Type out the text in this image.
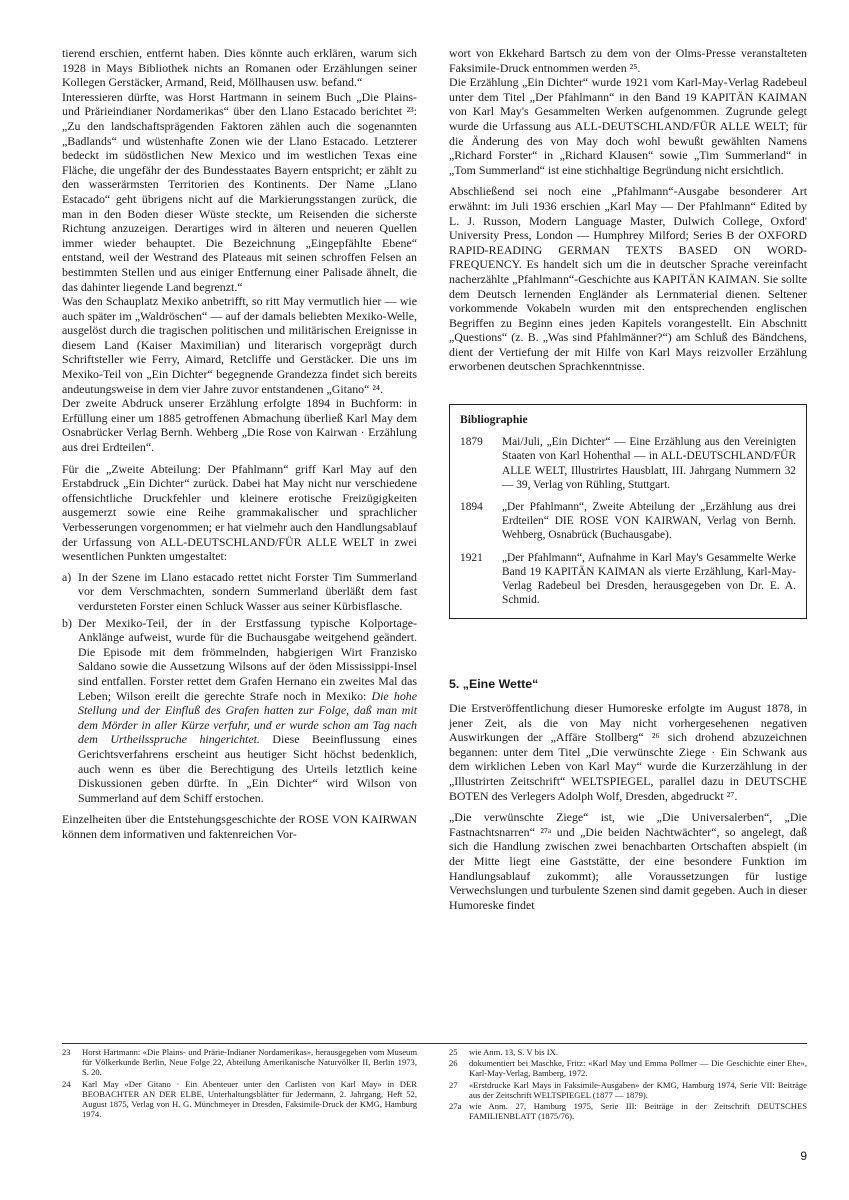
tierend erschien, entfernt haben. Dies könnte auch erklären, warum sich 1928 in Mays Bibliothek nichts an Romanen oder Erzählungen seiner Kollegen Gerstäcker, Armand, Reid, Möllhausen usw. befand.“

Interessieren dürfte, was Horst Hartmann in seinem Buch „Die Plains- und Prärieindianer Nordamerikas“ über den Llano Estacado berichtet ²³: „Zu den landschaftsprägenden Faktoren zählen auch die sogenannten „Badlands“ und wüstenhafte Zonen wie der Llano Estacado. Letzterer bedeckt im südöstlichen New Mexico und im westlichen Texas eine Fläche, die ungefähr der des Bundesstaates Bayern entspricht; er zählt zu den wasserärmsten Territorien des Kontinents. Der Name „Llano Estacado“ geht übrigens nicht auf die Markierungsstangen zurück, die man in den Boden dieser Wüste steckte, um Reisenden die sicherste Richtung anzuzeigen. Derartiges wird in älteren und neueren Quellen immer wieder behauptet. Die Bezeichnung „Eingepfählte Ebene“ entstand, weil der Westrand des Plateaus mit seinen schroffen Felsen an bestimmten Stellen und aus einiger Entfernung einer Palisade ähnelt, die das dahinter liegende Land begrenzt.“

Was den Schauplatz Mexiko anbetrifft, so ritt May vermutlich hier — wie auch später im „Waldröschen“ — auf der damals beliebten Mexiko-Welle, ausgelöst durch die tragischen politischen und militärischen Ereignisse in diesem Land (Kaiser Maximilian) und literarisch vorgeprägt durch Schriftsteller wie Ferry, Aimard, Retcliffe und Gerstäcker. Die uns im Mexiko-Teil von „Ein Dichter“ begegnende Grandezza findet sich bereits andeutungsweise in dem vier Jahre zuvor entstandenen „Gitano“ ²⁴.

Der zweite Abdruck unserer Erzählung erfolgte 1894 in Buchform: in Erfüllung einer um 1885 getroffenen Abmachung überließ Karl May dem Osnabrücker Verlag Bernh. Wehberg „Die Rose von Kairwan · Erzählung aus drei Erdteilen“.

Für die „Zweite Abteilung: Der Pfahlmann“ griff Karl May auf den Erstabdruck „Ein Dichter“ zurück. Dabei hat May nicht nur verschiedene offensichtliche Druckfehler und kleinere erotische Freizügigkeiten ausgemerzt sowie eine Reihe grammakalischer und sprachlicher Verbesserungen vorgenommen; er hat vielmehr auch den Handlungsablauf der Urfassung von ALL-DEUTSCHLAND/FÜR ALLE WELT in zwei wesentlichen Punkten umgestaltet:

a) In der Szene im Llano estacado rettet nicht Forster Tim Summerland vor dem Verschmachten, sondern Summerland überläßt dem fast verdursteten Forster einen Schluck Wasser aus seiner Kürbisflasche.
b) Der Mexiko-Teil, der in der Erstfassung typische Kolportage-Anklänge aufweist, wurde für die Buchausgabe weitgehend geändert. Die Episode mit dem frömmelnden, habgierigen Wirt Franzisko Saldano sowie die Aussetzung Wilsons auf der öden Mississippi-Insel sind entfallen. Forster rettet dem Grafen Hernano ein zweites Mal das Leben; Wilson ereilt die gerechte Strafe noch in Mexiko: Die hohe Stellung und der Einfluß des Grafen hatten zur Folge, daß man mit dem Mörder in aller Kürze verfuhr, und er wurde schon am Tag nach dem Urtheilsspruche hingerichtet. Diese Beeinflussung eines Gerichtsverfahrens erscheint aus heutiger Sicht höchst bedenklich, auch wenn es über die Berechtigung des Urteils letztlich keine Diskussionen geben dürfte. In „Ein Dichter“ wird Wilson von Summerland auf dem Schiff erstochen.

Einzelheiten über die Entstehungsgeschichte der ROSE VON KAIRWAN können dem informativen und faktenreichen Vor-

wort von Ekkehard Bartsch zu dem von der Olms-Presse veranstalteten Faksimile-Druck entnommen werden ²⁵.

Die Erzählung „Ein Dichter“ wurde 1921 vom Karl-May-Verlag Radebeul unter dem Titel „Der Pfahlmann“ in den Band 19 KAPITÄN KAIMAN von Karl May's Gesammelten Werken aufgenommen. Zugrunde gelegt wurde die Urfassung aus ALL-DEUTSCHLAND/FÜR ALLE WELT; für die Änderung des von May doch wohl bewußt gewählten Namens „Richard Forster“ in „Richard Klausen“ sowie „Tim Summerland“ in „Tom Summerland“ ist eine stichhaltige Begründung nicht ersichtlich.

Abschließend sei noch eine „Pfahlmann“-Ausgabe besonderer Art erwähnt: im Juli 1936 erschien „Karl May — Der Pfahlmann“ Edited by L. J. Russon, Modern Language Master, Dulwich College, Oxford' University Press, London — Humphrey Milford; Series B der OXFORD RAPID-READING GERMAN TEXTS BASED ON WORD-FREQUENCY. Es handelt sich um die in deutscher Sprache vereinfacht nacherzählte „Pfahlmann“-Geschichte aus KAPITÄN KAIMAN. Sie sollte dem Deutsch lernenden Engländer als Lernmaterial dienen. Seltener vorkommende Vokabeln wurden mit den entsprechenden englischen Begriffen zu Beginn eines jeden Kapitels vorangestellt. Ein Abschnitt „Questions“ (z. B. „Was sind Pfahlmänner?“) am Schluß des Bändchens, dient der Vertiefung der mit Hilfe von Karl Mays reizvoller Erzählung erworbenen deutschen Sprachkenntnisse.

Bibliographie
1879	Mai/Juli, „Ein Dichter“ — Eine Erzählung aus den Vereinigten Staaten von Karl Hohenthal — in ALL-DEUTSCHLAND/FÜR ALLE WELT, Illustrirtes Hausblatt, III. Jahrgang Nummern 32 — 39, Verlag von Rühling, Stuttgart.
1894	„Der Pfahlmann“, Zweite Abteilung der „Erzählung aus drei Erdteilen“ DIE ROSE VON KAIRWAN, Verlag von Bernh. Wehberg, Osnabrück (Buchausgabe).
1921	„Der Pfahlmann“, Aufnahme in Karl May's Gesammelte Werke Band 19 KAPITÄN KAIMAN als vierte Erzählung, Karl-May-Verlag Radebeul bei Dresden, herausgegeben von Dr. E. A. Schmid.
5. „Eine Wette“

Die Erstveröffentlichung dieser Humoreske erfolgte im August 1878, in jener Zeit, als die von May nicht vorhergesehenen negativen Auswirkungen der „Affäre Stollberg“ ²⁶ sich drohend abzuzeichnen begannen: unter dem Titel „Die verwünschte Ziege · Ein Schwank aus dem wirklichen Leben von Karl May“ wurde die Kurzerzählung in der „Illustrirten Zeitschrift“ WELTSPIEGEL, parallel dazu in DEUTSCHE BOTEN des Verlegers Adolph Wolf, Dresden, abgedruckt ²⁷.

„Die verwünschte Ziege“ ist, wie „Die Universalerben“, „Die Fastnachtsnarren“ ²⁷ᵃ und „Die beiden Nachtwächter“, so angelegt, daß sich die Handlung zwischen zwei benachbarten Ortschaften abspielt (in der Mitte liegt eine Gaststätte, der eine besondere Funktion im Handlungsablauf zukommt); alle Voraussetzungen für lustige Verwechslungen und turbulente Szenen sind damit gegeben. Auch in dieser Humoreske findet

23	Horst Hartmann: «Die Plains- und Prärie-Indianer Nordamerikas», herausgegeben vom Museum für Völkerkunde Berlin, Neue Folge 22, Abteilung Amerikanische Naturvölker II, Berlin 1973, S. 20.
24	Karl May «Der Gitano · Ein Abenteuer unter den Carlisten von Karl May» in DER BEOBACHTER AN DER ELBE, Unterhaltungsblätter für Jedermann, 2. Jahrgang, Heft 52, August 1875, Verlag von H. G. Münchmeyer in Dresden, Faksimile-Druck der KMG, Hamburg 1974.
25	wie Anm. 13, S. V bis IX.
26	dokumentiert bei Maschke, Fritz: «Karl May und Emma Pollmer — Die Geschichte einer Ehe», Karl-May-Verlag, Bamberg, 1972.
27	«Erstdrucke Karl Mays in Faksimile-Ausgaben» der KMG, Hamburg 1974, Serie VII: Beiträge aus der Zeitschrift WELTSPIEGEL (1877 — 1879).
27a wie Anm. 27, Hamburg 1975, Serie III: Beiträge in der Zeitschrift DEUTSCHES FAMILIENBLATT (1875/76).
9
